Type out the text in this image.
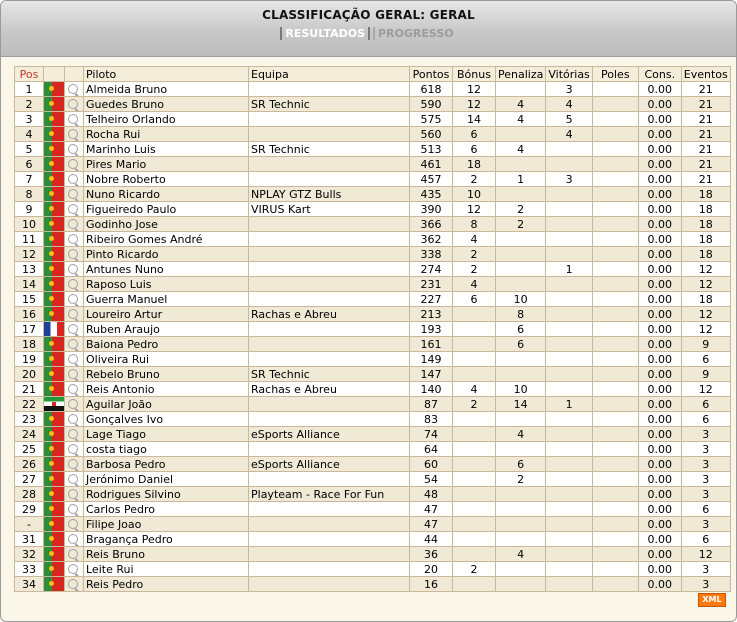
CLASSIFICAÇÃO GERAL: GERAL
RESULTADOS PROGRESSO
Pos			Piloto	Equipa	Pontos	Bónus	Penaliza	Vitórias	Poles	Cons.	Eventos
1			Almeida Bruno		618	12		3		0.00	21
2			Guedes Bruno	SR Technic	590	12	4	4		0.00	21
3			Telheiro Orlando		575	14	4	5		0.00	21
4			Rocha Rui		560	6		4		0.00	21
5			Marinho Luis	SR Technic	513	6	4			0.00	21
6			Pires Mario		461	18				0.00	21
7			Nobre Roberto		457	2	1	3		0.00	21
8			Nuno Ricardo	NPLAY GTZ Bulls	435	10				0.00	18
9			Figueiredo Paulo	VIRUS Kart	390	12	2			0.00	18
10			Godinho Jose		366	8	2			0.00	18
11			Ribeiro Gomes André		362	4				0.00	18
12			Pinto Ricardo		338	2				0.00	18
13			Antunes Nuno		274	2		1		0.00	12
14			Raposo Luis		231	4				0.00	12
15			Guerra Manuel		227	6	10			0.00	18
16			Loureiro Artur	Rachas e Abreu	213		8			0.00	12
17			Ruben Araujo		193		6			0.00	12
18			Baiona Pedro		161		6			0.00	9
19			Oliveira Rui		149					0.00	6
20			Rebelo Bruno	SR Technic	147					0.00	9
21			Reis Antonio	Rachas e Abreu	140	4	10			0.00	12
22			Aguilar João		87	2	14	1		0.00	6
23			Gonçalves Ivo		83					0.00	6
24			Lage Tiago	eSports Alliance	74		4			0.00	3
25			costa tiago		64					0.00	3
26			Barbosa Pedro	eSports Alliance	60		6			0.00	3
27			Jerónimo Daniel		54		2			0.00	3
28			Rodrigues Silvino	Playteam - Race For Fun	48					0.00	3
29			Carlos Pedro		47					0.00	6
-			Filipe Joao		47					0.00	3
31			Bragança Pedro		44					0.00	6
32			Reis Bruno		36		4			0.00	12
33			Leite Rui		20	2				0.00	3
34			Reis Pedro		16					0.00	3
XML
